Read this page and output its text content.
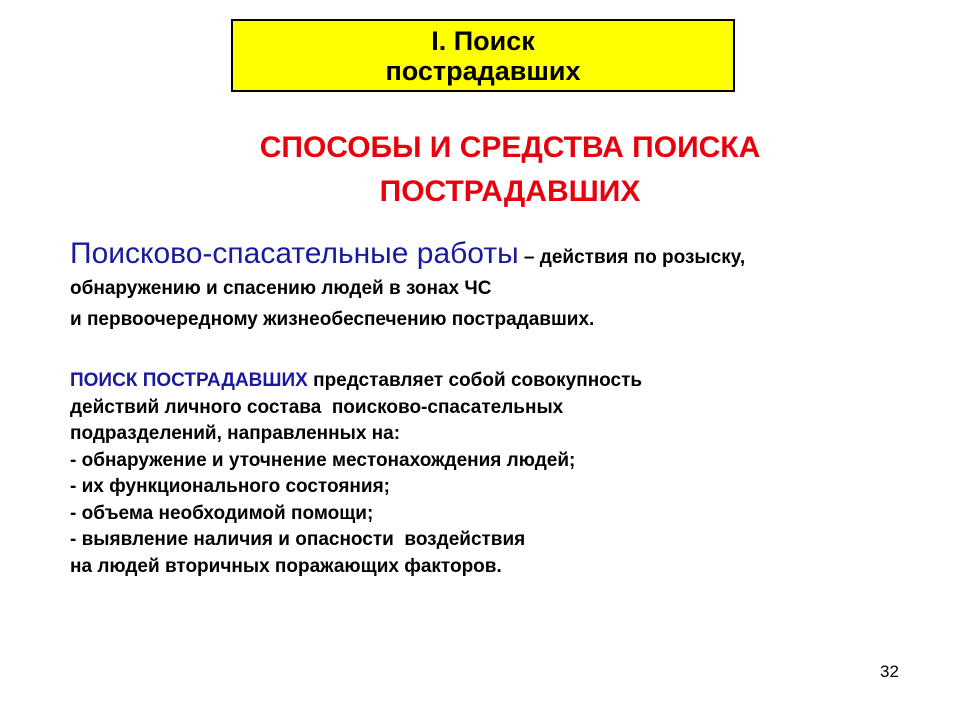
I. Поиск
пострадавших
СПОСОБЫ И СРЕДСТВА ПОИСКА
ПОСТРАДАВШИХ
Поисково-спасательные работы – действия по розыску,
обнаружению и спасению людей в зонах ЧС
и первоочередному жизнеобеспечению пострадавших.
ПОИСК ПОСТРАДАВШИХ представляет собой совокупность
действий личного состава  поисково-спасательных
подразделений, направленных на:
- обнаружение и уточнение местонахождения людей;
- их функционального состояния;
- объема необходимой помощи;
- выявление наличия и опасности  воздействия
на людей вторичных поражающих факторов.
32
